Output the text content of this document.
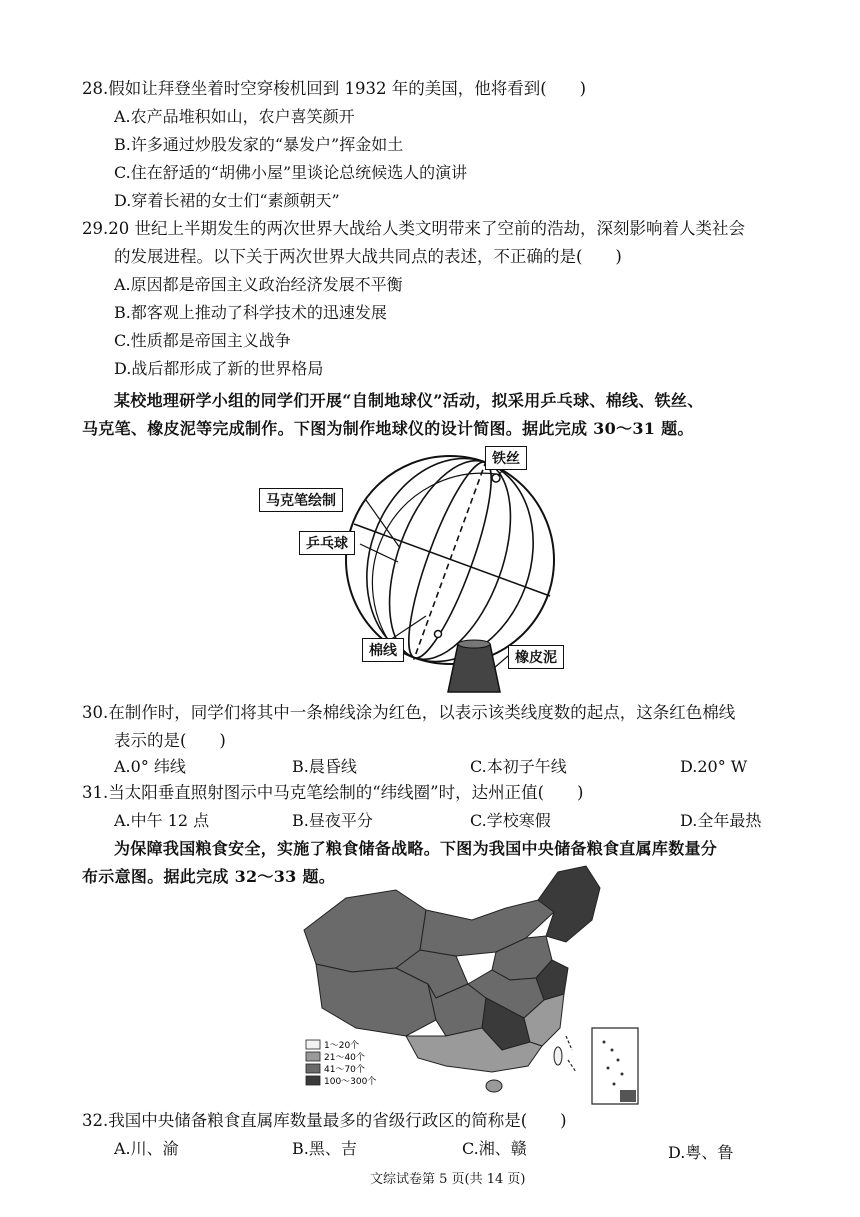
28.假如让拜登坐着时空穿梭机回到 1932 年的美国，他将看到(　　)
A.农产品堆积如山，农户喜笑颜开
B.许多通过炒股发家的“暴发户”挥金如土
C.住在舒适的“胡佛小屋”里谈论总统候选人的演讲
D.穿着长裙的女士们“素颜朝天”
29.20 世纪上半期发生的两次世界大战给人类文明带来了空前的浩劫，深刻影响着人类社会
的发展进程。以下关于两次世界大战共同点的表述，不正确的是(　　)
A.原因都是帝国主义政治经济发展不平衡
B.都客观上推动了科学技术的迅速发展
C.性质都是帝国主义战争
D.战后都形成了新的世界格局
某校地理研学小组的同学们开展“自制地球仪”活动，拟采用乒乓球、棉线、铁丝、
马克笔、橡皮泥等完成制作。下图为制作地球仪的设计简图。据此完成 30～31 题。
铁丝
马克笔绘制
乒乓球
棉线	橡皮泥
30.在制作时，同学们将其中一条棉线涂为红色，以表示该类线度数的起点，这条红色棉线
表示的是(　　)
A.0° 纬线	B.晨昏线	C.本初子午线	D.20° W
31.当太阳垂直照射图示中马克笔绘制的“纬线圈”时，达州正值(　　)
A.中午 12 点	B.昼夜平分	C.学校寒假	D.全年最热
为保障我国粮食安全，实施了粮食储备战略。下图为我国中央储备粮食直属库数量分
布示意图。据此完成 32～33 题。
1～20个
21～40个
41～70个
100～300个
32.我国中央储备粮食直属库数量最多的省级行政区的简称是(　　)
A.川、渝	B.黑、吉	C.湘、赣	D.粤、鲁
文综试卷第 5 页(共 14 页)
